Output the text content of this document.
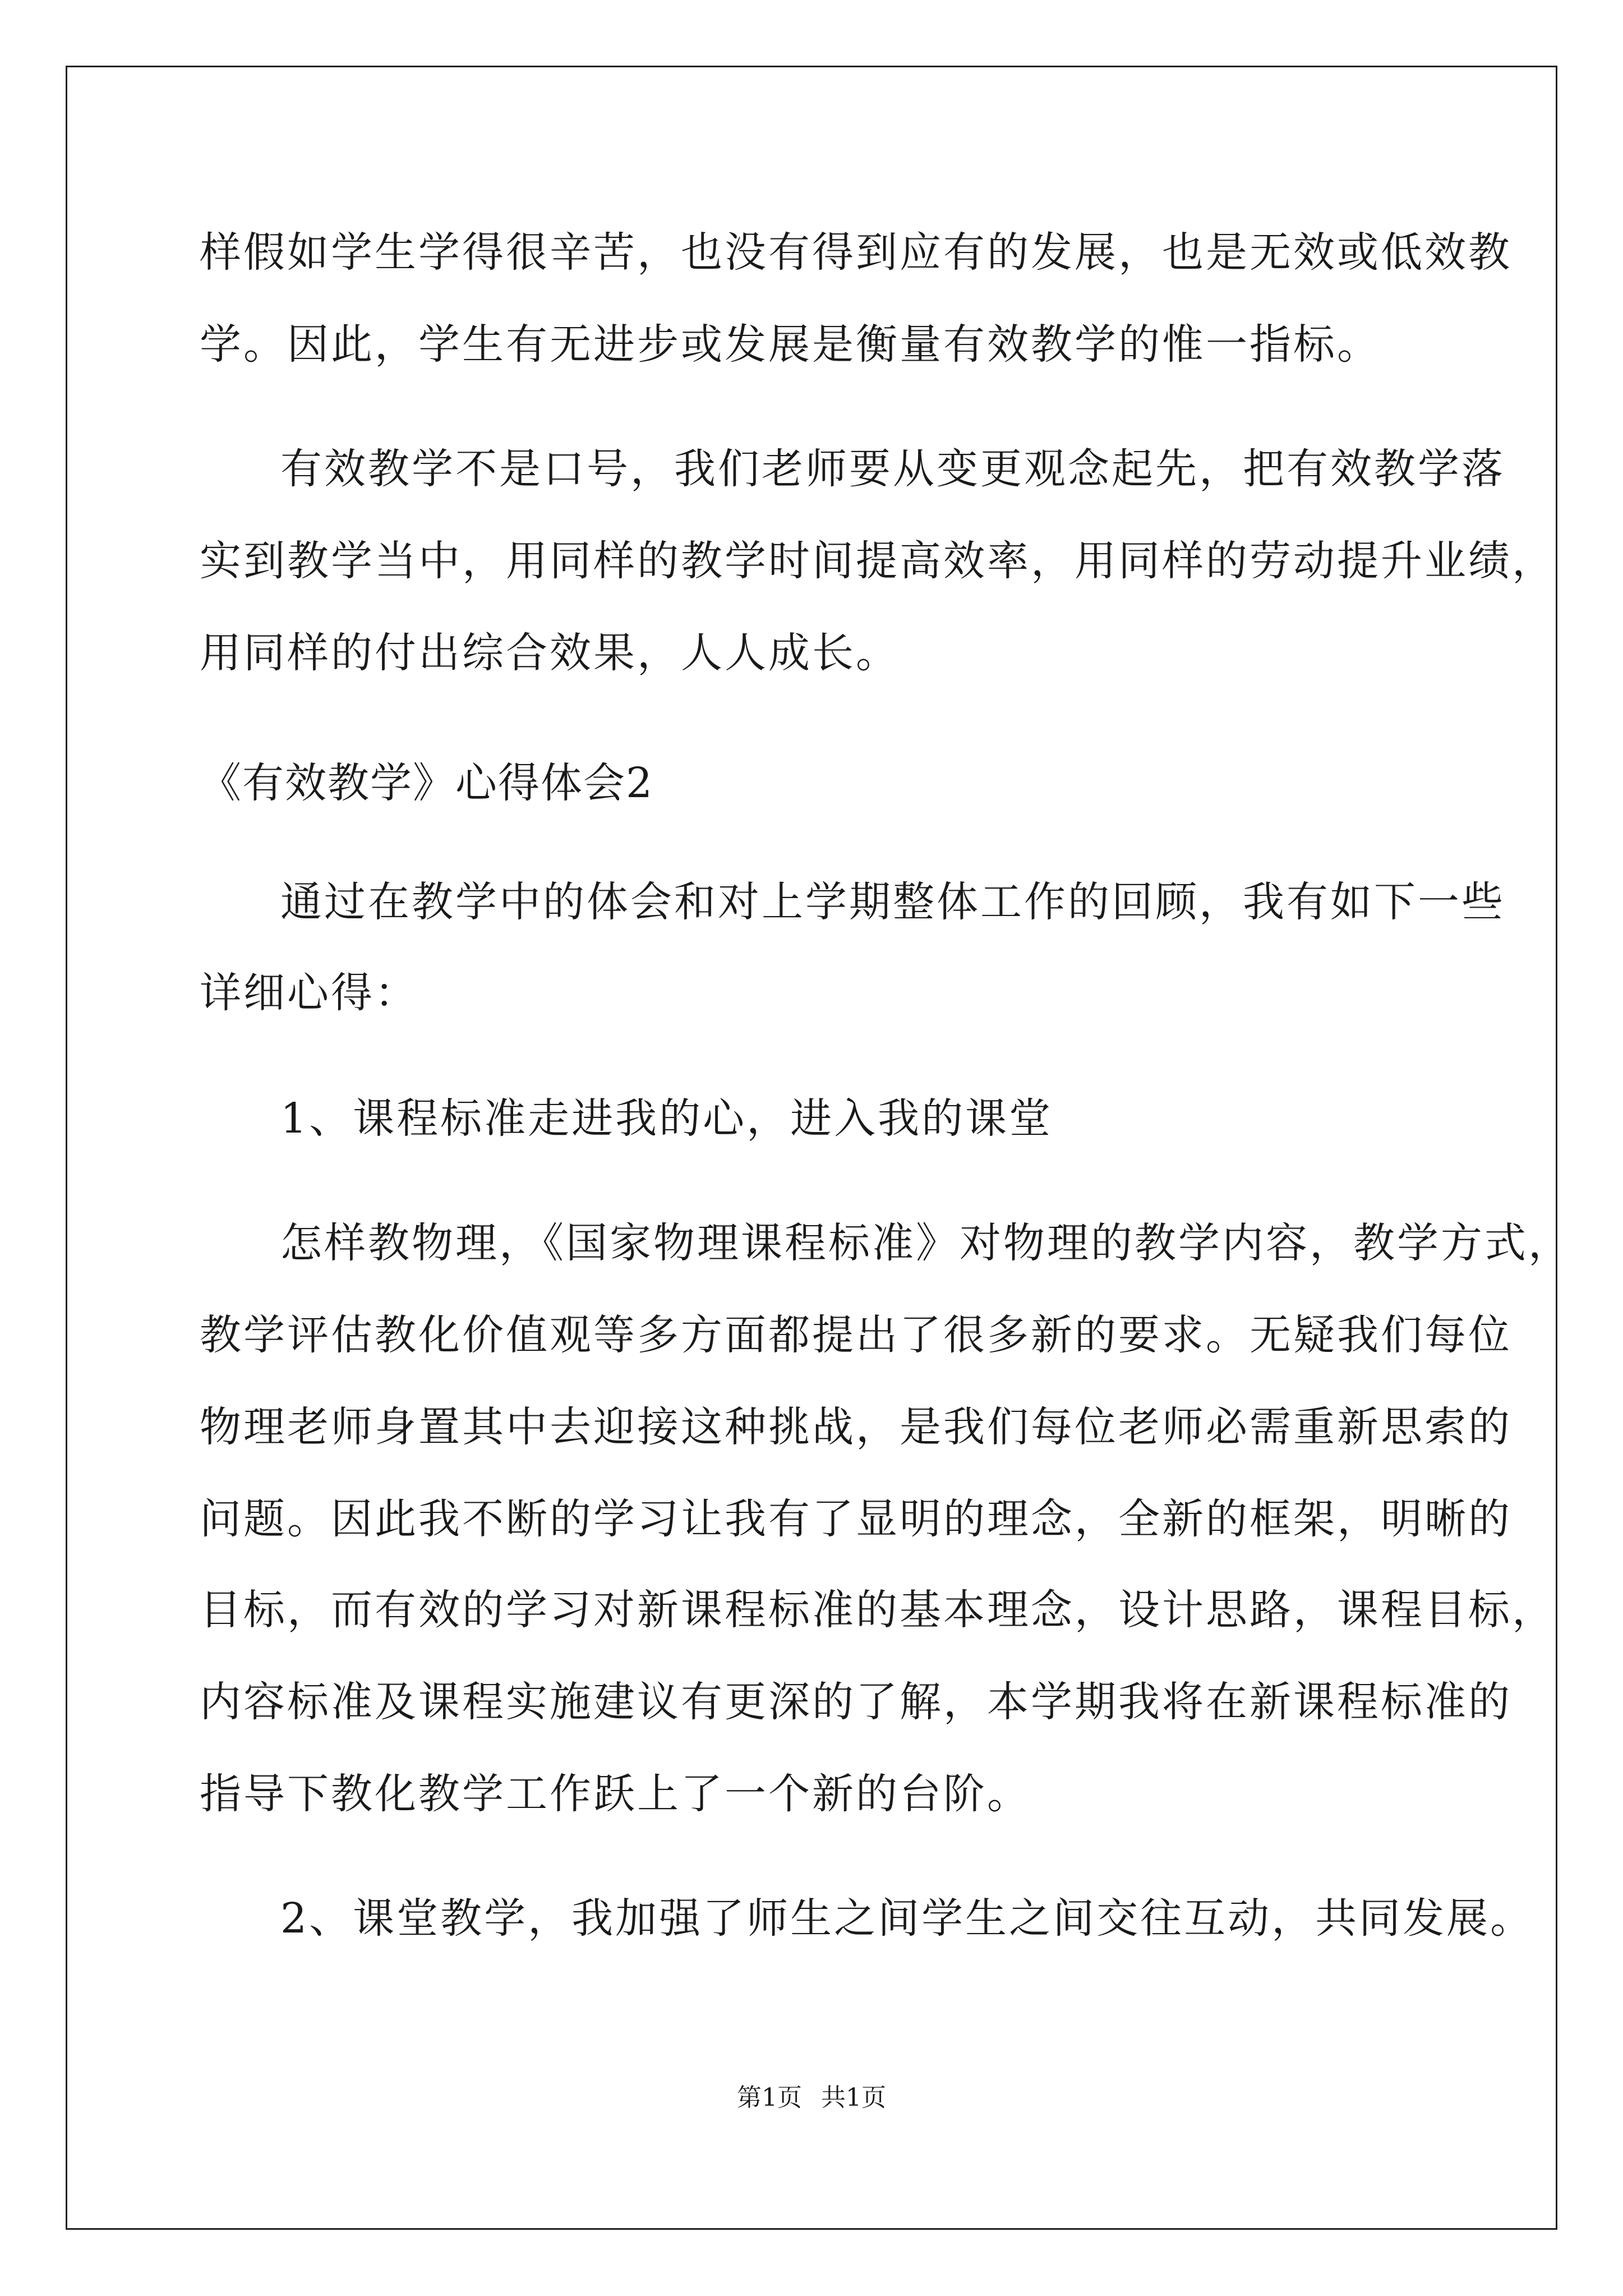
样假如学生学得很辛苦，也没有得到应有的发展，也是无效或低效教
学。因此，学生有无进步或发展是衡量有效教学的惟一指标。
有效教学不是口号，我们老师要从变更观念起先，把有效教学落
实到教学当中，用同样的教学时间提高效率，用同样的劳动提升业绩，
用同样的付出综合效果，人人成长。
《有效教学》心得体会2
通过在教学中的体会和对上学期整体工作的回顾，我有如下一些
详细心得：
1、课程标准走进我的心，进入我的课堂
怎样教物理，《国家物理课程标准》对物理的教学内容，教学方式，
教学评估教化价值观等多方面都提出了很多新的要求。无疑我们每位
物理老师身置其中去迎接这种挑战，是我们每位老师必需重新思索的
问题。因此我不断的学习让我有了显明的理念，全新的框架，明晰的
目标，而有效的学习对新课程标准的基本理念，设计思路，课程目标，
内容标准及课程实施建议有更深的了解，本学期我将在新课程标准的
指导下教化教学工作跃上了一个新的台阶。
2、课堂教学，我加强了师生之间学生之间交往互动，共同发展。
第1页 共1页
